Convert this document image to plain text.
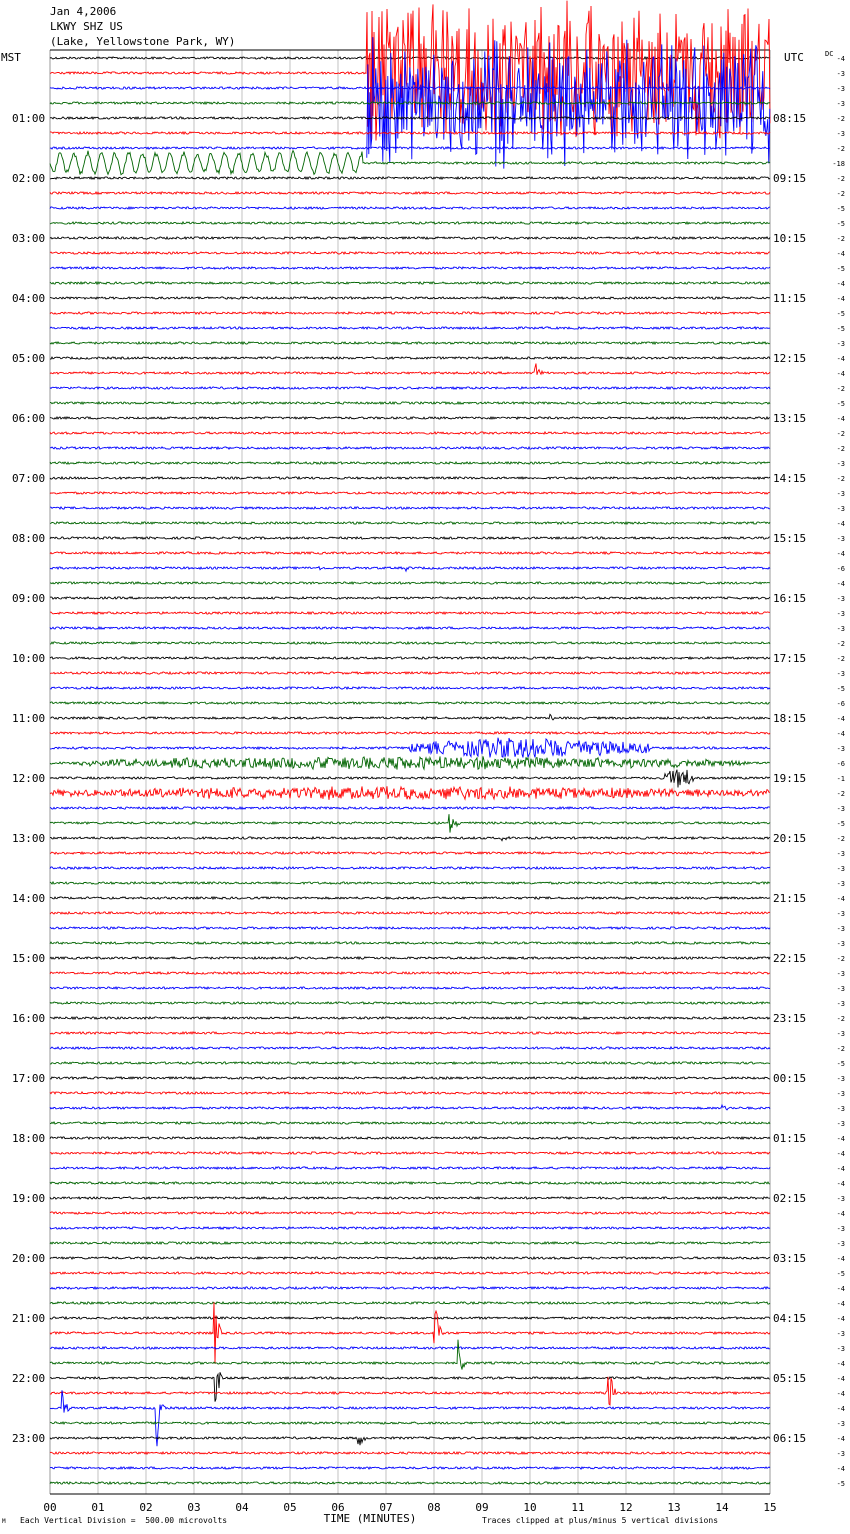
Jan 4,2006
LKWY SHZ US
(Lake, Yellowstone Park, WY)
MST	UTC	DC
01:00
02:00
03:00
04:00
05:00
06:00
07:00
08:00
09:00
10:00
11:00
12:00
13:00
14:00
15:00
16:00
17:00
18:00
19:00
20:00
21:00
22:00
23:00
08:15
09:15
10:15
11:15
12:15
13:15
14:15
15:15
16:15
17:15
18:15
19:15
20:15
21:15
22:15
23:15
00:15
01:15
02:15
03:15
04:15
05:15
06:15
-4
-3
-3
-3
-2
-3
-2
-18
-2
-2
-5
-5
-2
-4
-5
-4
-4
-5
-5
-3
-4
-4
-2
-5
-4
-2
-2
-3
-2
-3
-3
-4
-3
-4
-6
-4
-3
-3
-3
-2
-2
-3
-5
-6
-4
-4
-3
-6
-1
-2
-3
-5
-2
-3
-3
-3
-4
-3
-3
-3
-2
-3
-3
-3
-2
-3
-2
-5
-3
-3
-3
-3
-4
-4
-4
-4
-3
-4
-3
-3
-4
-5
-4
-4
-4
-3
-3
-4
-4
-4
-4
-3
-4
-3
-4
-5
00	01	02	03	04	05	06	07	08	09	10	11	12	13	14	15
TIME (MINUTES)
M Each Vertical Division =  500.00 microvolts	Traces clipped at plus/minus 5 vertical divisions
